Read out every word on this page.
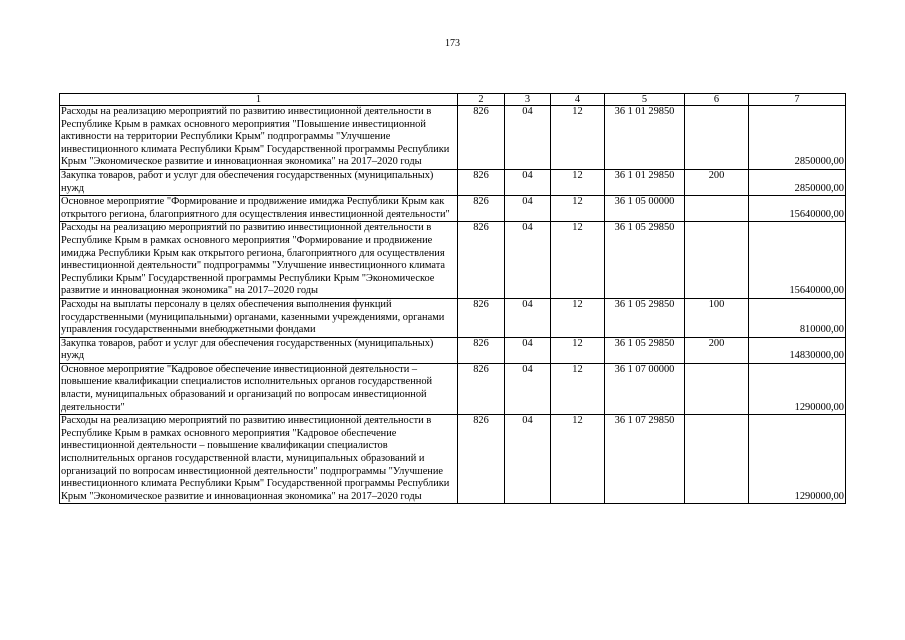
173
1	2	3	4	5	6	7
Расходы на реализацию мероприятий по развитию инвестиционной деятельности в Республике Крым в рамках основного мероприятия "Повышение инвестиционной активности на территории Республики Крым" подпрограммы "Улучшение инвестиционного климата Республики Крым" Государственной программы Республики Крым "Экономическое развитие и инновационная экономика" на 2017–2020 годы	826	04	12	36 1 01 29850		2850000,00
Закупка товаров, работ и услуг для обеспечения государственных (муниципальных) нужд	826	04	12	36 1 01 29850	200	2850000,00
Основное мероприятие "Формирование и продвижение имиджа Республики Крым как открытого региона, благоприятного для осуществления инвестиционной деятельности"	826	04	12	36 1 05 00000		15640000,00
Расходы на реализацию мероприятий по развитию инвестиционной деятельности в Республике Крым в рамках основного мероприятия "Формирование и продвижение имиджа Республики Крым как открытого региона, благоприятного для осуществления инвестиционной деятельности" подпрограммы "Улучшение инвестиционного климата Республики Крым" Государственной программы Республики Крым "Экономическое развитие и инновационная экономика" на 2017–2020 годы	826	04	12	36 1 05 29850		15640000,00
Расходы на выплаты персоналу в целях обеспечения выполнения функций государственными (муниципальными) органами, казенными учреждениями, органами управления государственными внебюджетными фондами	826	04	12	36 1 05 29850	100	810000,00
Закупка товаров, работ и услуг для обеспечения государственных (муниципальных) нужд	826	04	12	36 1 05 29850	200	14830000,00
Основное мероприятие "Кадровое обеспечение инвестиционной деятельности – повышение квалификации специалистов исполнительных органов государственной власти, муниципальных образований и организаций по вопросам инвестиционной деятельности"	826	04	12	36 1 07 00000		1290000,00
Расходы на реализацию мероприятий по развитию инвестиционной деятельности в Республике Крым в рамках основного мероприятия "Кадровое обеспечение инвестиционной деятельности – повышение квалификации специалистов исполнительных органов государственной власти, муниципальных образований и организаций по вопросам инвестиционной деятельности" подпрограммы "Улучшение инвестиционного климата Республики Крым" Государственной программы Республики Крым "Экономическое развитие и инновационная экономика" на 2017–2020 годы	826	04	12	36 1 07 29850		1290000,00
